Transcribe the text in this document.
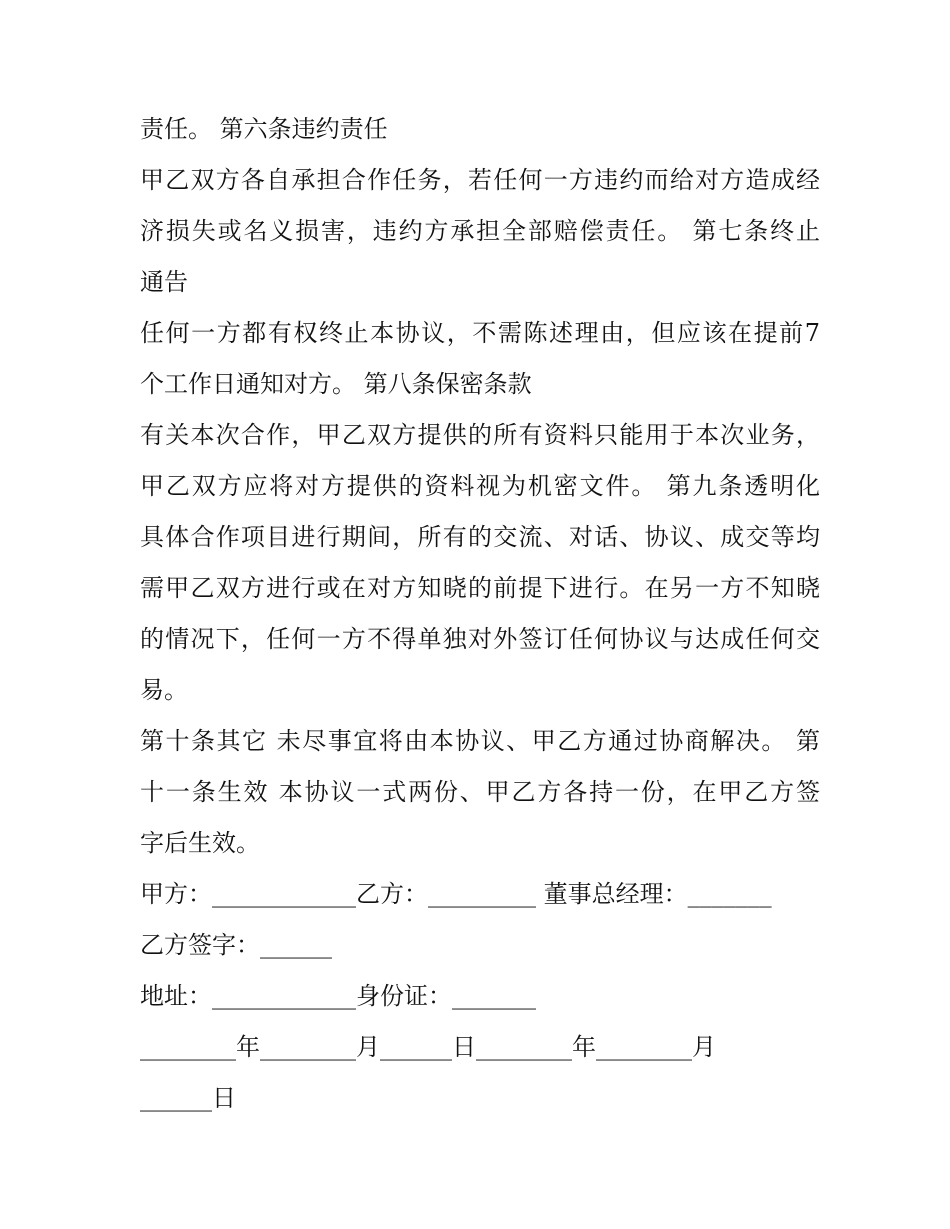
责任。 第六条违约责任
甲乙双方各自承担合作任务，若任何一方违约而给对方造成经
济损失或名义损害，违约方承担全部赔偿责任。 第七条终止
通告
任何一方都有权终止本协议，不需陈述理由，但应该在提前7
个工作日通知对方。 第八条保密条款
有关本次合作，甲乙双方提供的所有资料只能用于本次业务，
甲乙双方应将对方提供的资料视为机密文件。 第九条透明化
具体合作项目进行期间，所有的交流、对话、协议、成交等均
需甲乙双方进行或在对方知晓的前提下进行。在另一方不知晓
的情况下，任何一方不得单独对外签订任何协议与达成任何交
易。
第十条其它 未尽事宜将由本协议、甲乙方通过协商解决。 第
十一条生效 本协议一式两份、甲乙方各持一份，在甲乙方签
字后生效。
甲方：____________乙方：_________ 董事总经理：_______
乙方签字：______
地址：____________身份证：_______
________年________月______日________年________月
______日
